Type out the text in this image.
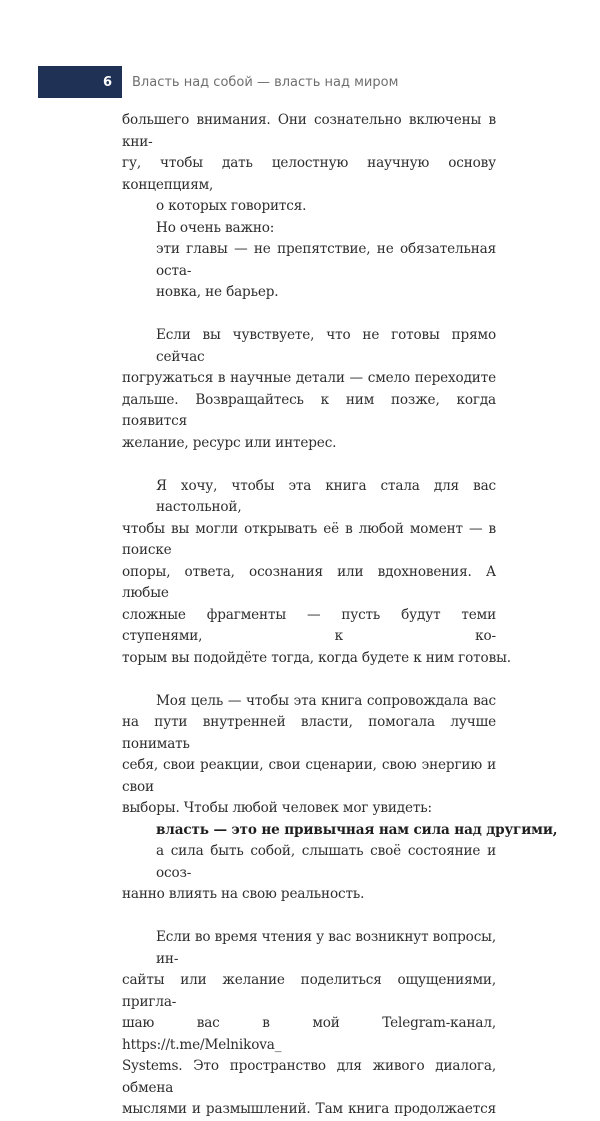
6	Власть над собой — власть над миром

большего внимания. Они сознательно включены в кни-
гу, чтобы дать целостную научную основу концепциям,
о которых говорится.

Но очень важно:
эти главы — не препятствие, не обязательная оста-
новка, не барьер.

Если вы чувствуете, что не готовы прямо сейчас
погружаться в научные детали — смело переходите
дальше. Возвращайтесь к ним позже, когда появится
желание, ресурс или интерес.

Я хочу, чтобы эта книга стала для вас настольной,
чтобы вы могли открывать её в любой момент — в поиске
опоры, ответа, осознания или вдохновения. А любые
сложные фрагменты — пусть будут теми ступенями, к ко-
торым вы подойдёте тогда, когда будете к ним готовы.

Моя цель — чтобы эта книга сопровождала вас
на пути внутренней власти, помогала лучше понимать
себя, свои реакции, свои сценарии, свою энергию и свои
выборы. Чтобы любой человек мог увидеть:
власть — это не привычная нам сила над другими,
а сила быть собой, слышать своё состояние и осоз-
нанно влиять на свою реальность.

Если во время чтения у вас возникнут вопросы, ин-
сайты или желание поделиться ощущениями, пригла-
шаю вас в мой Telegram-канал, https://t.me/Melnikova_
Systems. Это пространство для живого диалога, обмена
мыслями и размышлений. Там книга продолжается
